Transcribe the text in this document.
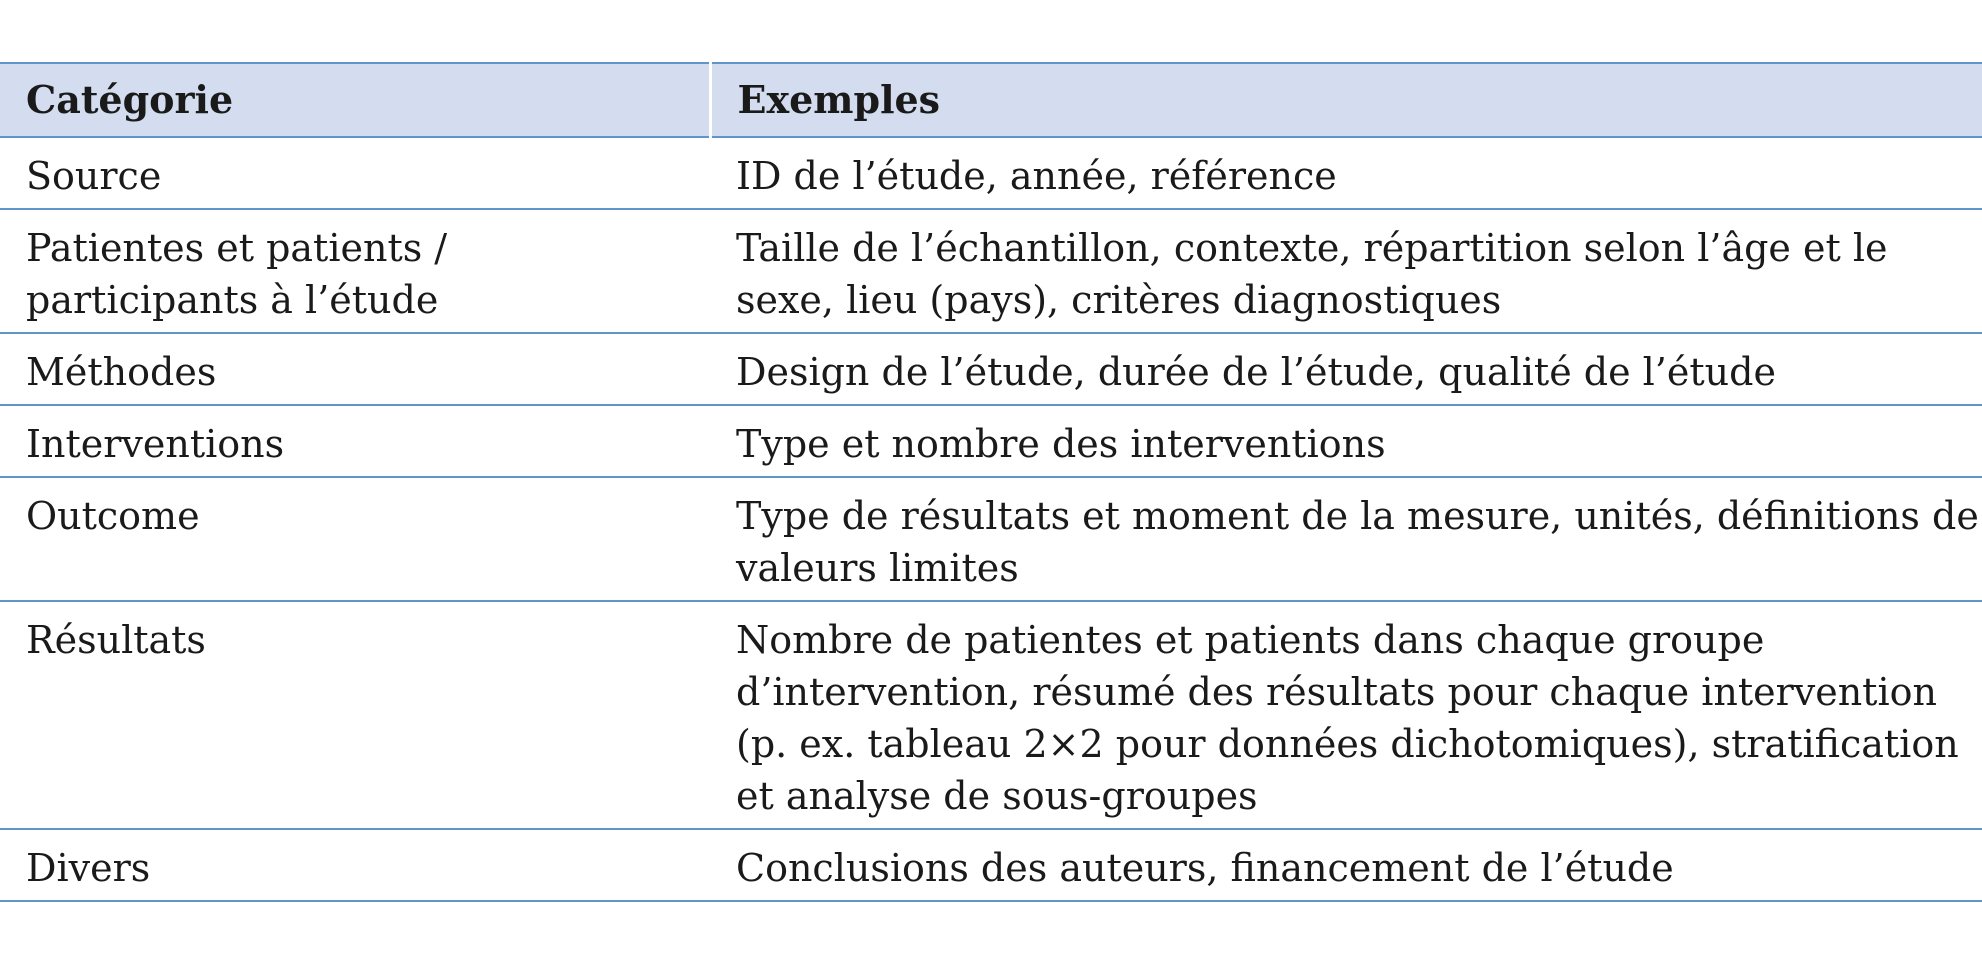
Catégorie	Exemples
Source	ID de l’étude, année, référence
Patientes et patients / participants à l’étude	Taille de l’échantillon, contexte, répartition selon l’âge et le sexe, lieu (pays), critères diagnostiques
Méthodes	Design de l’étude, durée de l’étude, qualité de l’étude
Interventions	Type et nombre des interventions
Outcome	Type de résultats et moment de la mesure, unités, définitions de valeurs limites
Résultats	Nombre de patientes et patients dans chaque groupe d’intervention, résumé des résultats pour chaque intervention (p. ex. tableau 2×2 pour données dichotomiques), stratification et analyse de sous-groupes
Divers	Conclusions des auteurs, financement de l’étude
